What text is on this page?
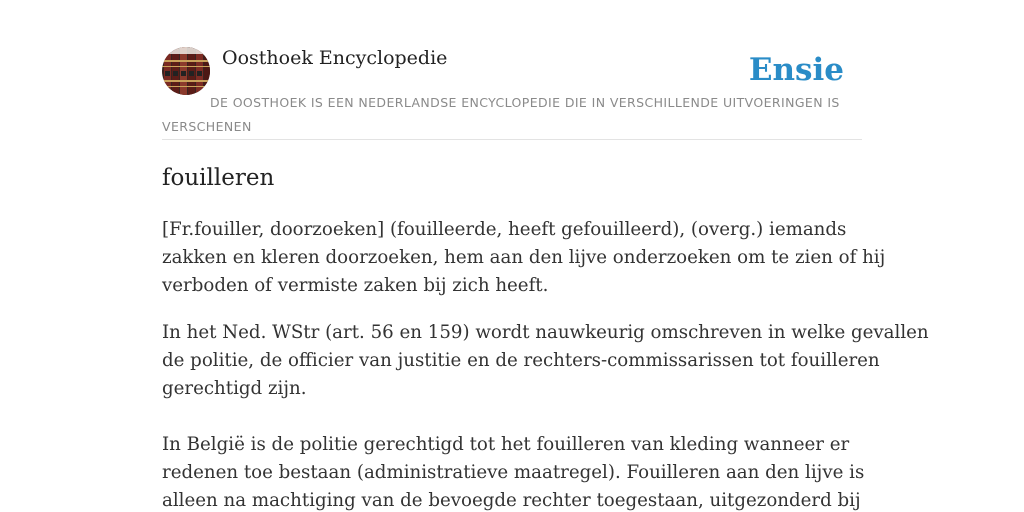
Oosthoek Encyclopedie	Ensie
DE OOSTHOEK IS EEN NEDERLANDSE ENCYCLOPEDIE DIE IN VERSCHILLENDE UITVOERINGEN IS VERSCHENEN
fouilleren

[Fr.fouiller, doorzoeken] (fouilleerde, heeft gefouilleerd), (overg.) iemands
zakken en kleren doorzoeken, hem aan den lijve onderzoeken om te zien of hij
verboden of vermiste zaken bij zich heeft.

In het Ned. WStr (art. 56 en 159) wordt nauwkeurig omschreven in welke gevallen
de politie, de officier van justitie en de rechters-commissarissen tot fouilleren
gerechtigd zijn.

In België is de politie gerechtigd tot het fouilleren van kleding wanneer er
redenen toe bestaan (administratieve maatregel). Fouilleren aan den lijve is
alleen na machtiging van de bevoegde rechter toegestaan, uitgezonderd bij
